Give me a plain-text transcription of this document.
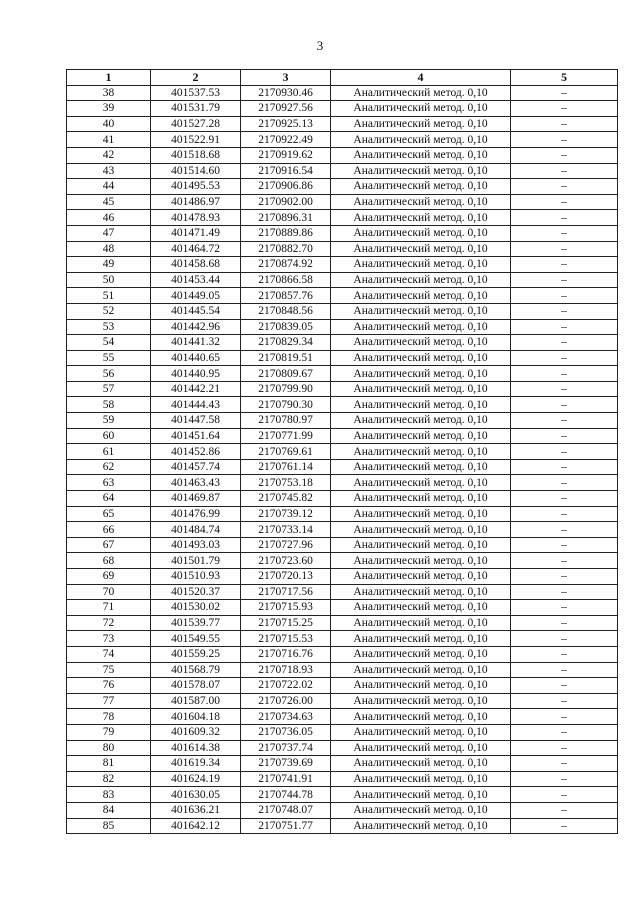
3
1	2	3	4	5
38	401537.53	2170930.46	Аналитический метод. 0,10	–
39	401531.79	2170927.56	Аналитический метод. 0,10	–
40	401527.28	2170925.13	Аналитический метод. 0,10	–
41	401522.91	2170922.49	Аналитический метод. 0,10	–
42	401518.68	2170919.62	Аналитический метод. 0,10	–
43	401514.60	2170916.54	Аналитический метод. 0,10	–
44	401495.53	2170906.86	Аналитический метод. 0,10	–
45	401486.97	2170902.00	Аналитический метод. 0,10	–
46	401478.93	2170896.31	Аналитический метод. 0,10	–
47	401471.49	2170889.86	Аналитический метод. 0,10	–
48	401464.72	2170882.70	Аналитический метод. 0,10	–
49	401458.68	2170874.92	Аналитический метод. 0,10	–
50	401453.44	2170866.58	Аналитический метод. 0,10	–
51	401449.05	2170857.76	Аналитический метод. 0,10	–
52	401445.54	2170848.56	Аналитический метод. 0,10	–
53	401442.96	2170839.05	Аналитический метод. 0,10	–
54	401441.32	2170829.34	Аналитический метод. 0,10	–
55	401440.65	2170819.51	Аналитический метод. 0,10	–
56	401440.95	2170809.67	Аналитический метод. 0,10	–
57	401442.21	2170799.90	Аналитический метод. 0,10	–
58	401444.43	2170790.30	Аналитический метод. 0,10	–
59	401447.58	2170780.97	Аналитический метод. 0,10	–
60	401451.64	2170771.99	Аналитический метод. 0,10	–
61	401452.86	2170769.61	Аналитический метод. 0,10	–
62	401457.74	2170761.14	Аналитический метод. 0,10	–
63	401463.43	2170753.18	Аналитический метод. 0,10	–
64	401469.87	2170745.82	Аналитический метод. 0,10	–
65	401476.99	2170739.12	Аналитический метод. 0,10	–
66	401484.74	2170733.14	Аналитический метод. 0,10	–
67	401493.03	2170727.96	Аналитический метод. 0,10	–
68	401501.79	2170723.60	Аналитический метод. 0,10	–
69	401510.93	2170720.13	Аналитический метод. 0,10	–
70	401520.37	2170717.56	Аналитический метод. 0,10	–
71	401530.02	2170715.93	Аналитический метод. 0,10	–
72	401539.77	2170715.25	Аналитический метод. 0,10	–
73	401549.55	2170715.53	Аналитический метод. 0,10	–
74	401559.25	2170716.76	Аналитический метод. 0,10	–
75	401568.79	2170718.93	Аналитический метод. 0,10	–
76	401578.07	2170722.02	Аналитический метод. 0,10	–
77	401587.00	2170726.00	Аналитический метод. 0,10	–
78	401604.18	2170734.63	Аналитический метод. 0,10	–
79	401609.32	2170736.05	Аналитический метод. 0,10	–
80	401614.38	2170737.74	Аналитический метод. 0,10	–
81	401619.34	2170739.69	Аналитический метод. 0,10	–
82	401624.19	2170741.91	Аналитический метод. 0,10	–
83	401630.05	2170744.78	Аналитический метод. 0,10	–
84	401636.21	2170748.07	Аналитический метод. 0,10	–
85	401642.12	2170751.77	Аналитический метод. 0,10	–
